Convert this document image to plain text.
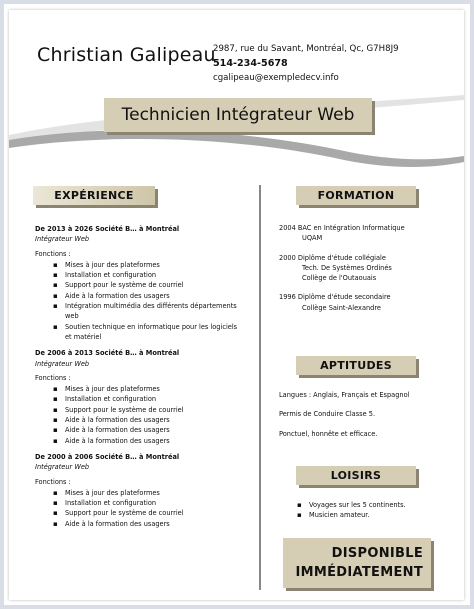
Christian Galipeau
2987, rue du Savant, Montréal, Qc, G7H8J9
514-234-5678
cgalipeau@exempledecv.info
Technicien Intégrateur Web
EXPÉRIENCE
De 2013 à 2026 Société B… à Montréal
Intégrateur Web
Fonctions :
▪ Mises à jour des plateformes
▪ Installation et configuration
▪ Support pour le système de courriel
▪ Aide à la formation des usagers
▪ Intégration multimédia des différents départements web
▪ Soutien technique en informatique pour les logiciels et matériel
De 2006 à 2013 Société B… à Montréal
Intégrateur Web
Fonctions :
▪ Mises à jour des plateformes
▪ Installation et configuration
▪ Support pour le système de courriel
▪ Aide à la formation des usagers
▪ Aide à la formation des usagers
▪ Aide à la formation des usagers
De 2000 à 2006 Société B… à Montréal
Intégrateur Web
Fonctions :
▪ Mises à jour des plateformes
▪ Installation et configuration
▪ Support pour le système de courriel
▪ Aide à la formation des usagers
FORMATION
2004 BAC en Intégration Informatique
UQAM
2000 Diplôme d'étude collégiale
Tech. De Systèmes Ordinés
Collège de l'Outaouais
1996 Diplôme d'étude secondaire
Collège Saint-Alexandre
APTITUDES

Langues : Anglais, Français et Espagnol

Permis de Conduire Classe 5.

Ponctuel, honnête et efficace.

LOISIRS
▪ Voyages sur les 5 continents.
▪ Musicien amateur.
DISPONIBLE
IMMÉDIATEMENT
